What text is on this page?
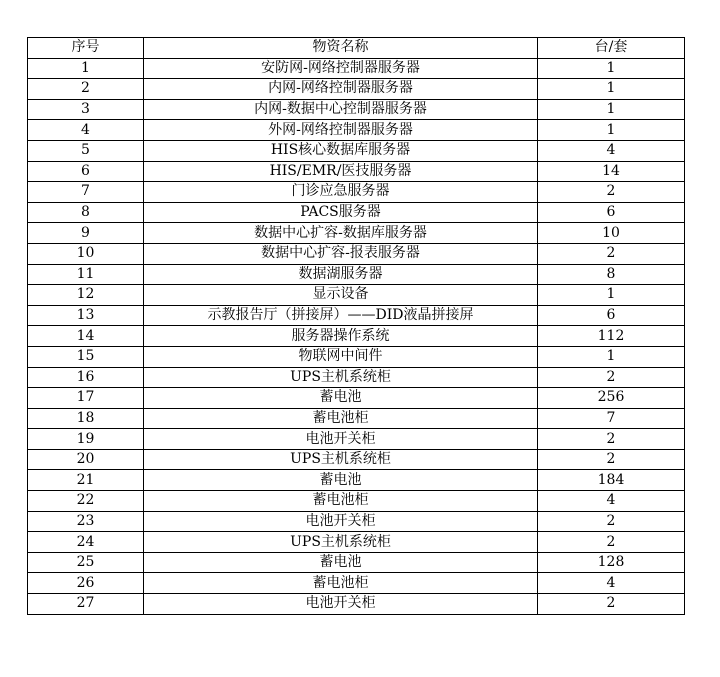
序号	物资名称	台/套
1	安防网-网络控制器服务器	1
2	内网-网络控制器服务器	1
3	内网-数据中心控制器服务器	1
4	外网-网络控制器服务器	1
5	HIS核心数据库服务器	4
6	HIS/EMR/医技服务器	14
7	门诊应急服务器	2
8	PACS服务器	6
9	数据中心扩容-数据库服务器	10
10	数据中心扩容-报表服务器	2
11	数据湖服务器	8
12	显示设备	1
13	示教报告厅（拼接屏）——DID液晶拼接屏	6
14	服务器操作系统	112
15	物联网中间件	1
16	UPS主机系统柜	2
17	蓄电池	256
18	蓄电池柜	7
19	电池开关柜	2
20	UPS主机系统柜	2
21	蓄电池	184
22	蓄电池柜	4
23	电池开关柜	2
24	UPS主机系统柜	2
25	蓄电池	128
26	蓄电池柜	4
27	电池开关柜	2
